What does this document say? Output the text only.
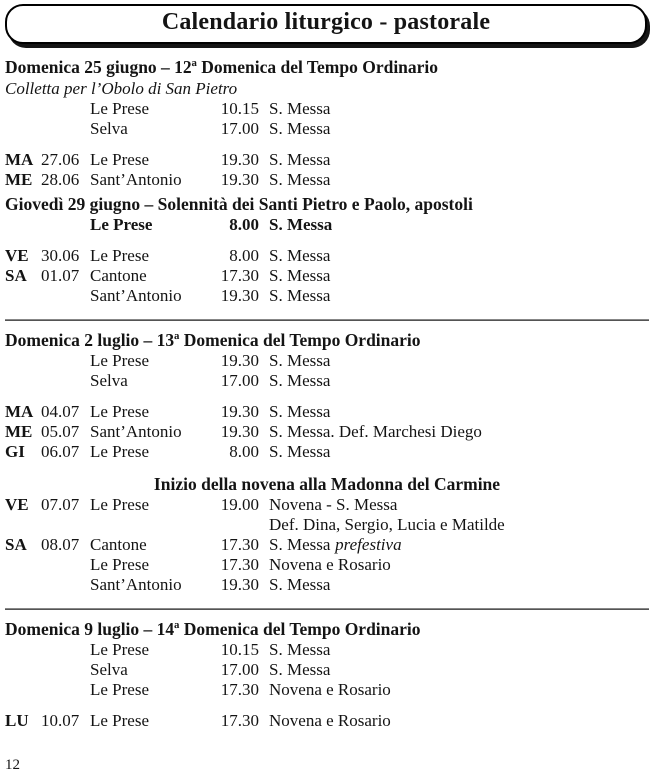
Calendario liturgico - pastorale
Domenica 25 giugno – 12ª Domenica del Tempo Ordinario
Colletta per l’Obolo di San Pietro
Le Prese	10.15 S. Messa
Selva	17.00 S. Messa
MA 27.06 Le Prese	19.30 S. Messa
ME 28.06 Sant’Antonio	19.30 S. Messa
Giovedì 29 giugno – Solennità dei Santi Pietro e Paolo, apostoli
Le Prese	8.00 S. Messa
VE 30.06 Le Prese	8.00 S. Messa
SA 01.07 Cantone	17.30 S. Messa
Sant’Antonio	19.30 S. Messa
Domenica 2 luglio – 13ª Domenica del Tempo Ordinario
Le Prese	19.30 S. Messa
Selva	17.00 S. Messa
MA 04.07 Le Prese	19.30 S. Messa
ME 05.07 Sant’Antonio	19.30 S. Messa. Def. Marchesi Diego
GI 06.07 Le Prese	8.00 S. Messa
Inizio della novena alla Madonna del Carmine
VE 07.07 Le Prese	19.00 Novena - S. Messa
Def. Dina, Sergio, Lucia e Matilde
SA 08.07 Cantone	17.30 S. Messa prefestiva
Le Prese	17.30 Novena e Rosario
Sant’Antonio	19.30 S. Messa
Domenica 9 luglio – 14ª Domenica del Tempo Ordinario
Le Prese	10.15 S. Messa
Selva	17.00 S. Messa
Le Prese	17.30 Novena e Rosario
LU 10.07 Le Prese	17.30 Novena e Rosario
12
